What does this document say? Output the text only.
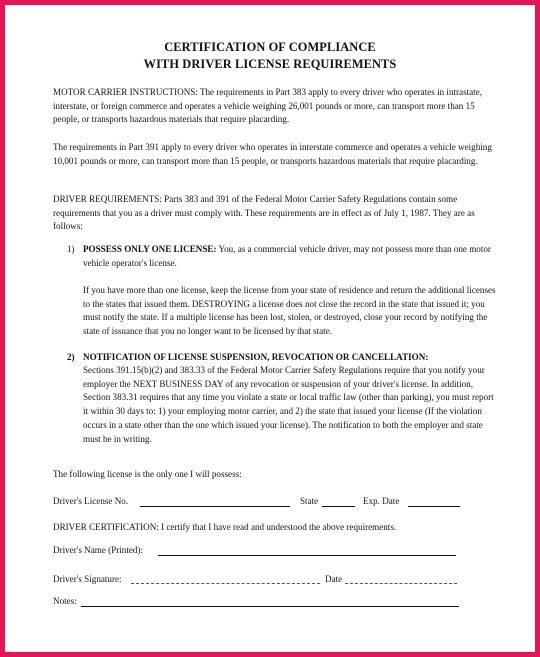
CERTIFICATION OF COMPLIANCE
WITH DRIVER LICENSE REQUIREMENTS

MOTOR CARRIER INSTRUCTIONS: The requirements in Part 383 apply to every driver who operates in intrastate, interstate, or foreign commerce and operates a vehicle weighing 26,001 pounds or more, can transport more than 15 people, or transports hazardous materials that require placarding.

The requirements in Part 391 apply to every driver who operates in interstate commerce and operates a vehicle weighing 10,001 pounds or more, can transport more than 15 people, or transports hazardous materials that require placarding.

DRIVER REQUIREMENTS: Parts 383 and 391 of the Federal Motor Carrier Safety Regulations contain some requirements that you as a driver must comply with. These requirements are in effect as of July 1, 1987. They are as follows:

1) POSSESS ONLY ONE LICENSE: You, as a commercial vehicle driver, may not possess more than one motor vehicle operator's license.

If you have more than one license, keep the license from your state of residence and return the additional licenses to the states that issued them. DESTROYING a license does not close the record in the state that issued it; you must notify the state. If a multiple license has been lost, stolen, or destroyed, close your record by notifying the state of issuance that you no longer want to be licensed by that state.

2) NOTIFICATION OF LICENSE SUSPENSION, REVOCATION OR CANCELLATION:

Sections 391.15(b)(2) and 383.33 of the Federal Motor Carrier Safety Regulations require that you notify your employer the NEXT BUSINESS DAY of any revocation or suspension of your driver's license. In addition, Section 383.31 requires that any time you violate a state or local traffic law (other than parking), you must report it within 30 days to: 1) your employing motor carrier, and 2) the state that issued your license (If the violation occurs in a state other than the one which issued your license). The notification to both the employer and state must be in writing.

The following license is the only one I will possess:
Driver's License No.	State	Exp. Date
DRIVER CERTIFICATION: I certify that I have read and understood the above requirements.
Driver's Name (Printed):
Driver's Signature:	Date
Notes:
